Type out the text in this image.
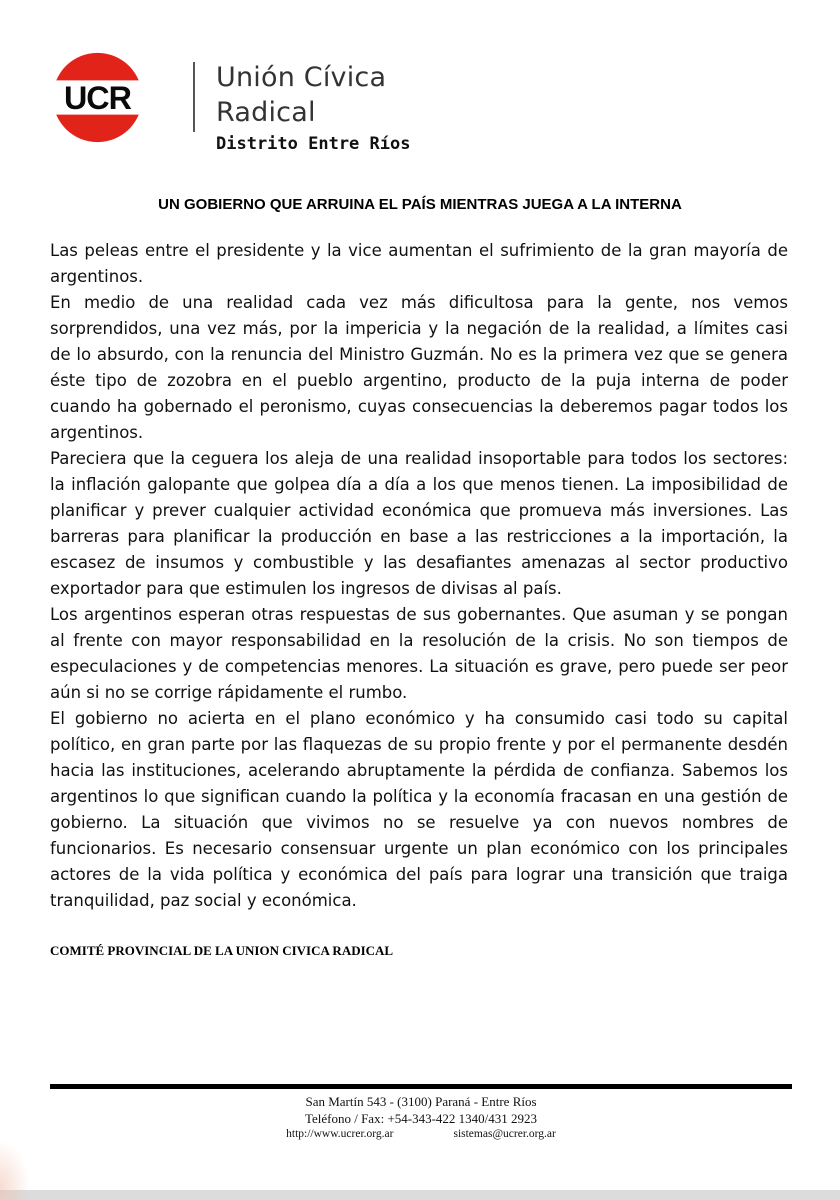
UCR
Unión Cívica
Radical
Distrito Entre Ríos
UN GOBIERNO QUE ARRUINA EL PAÍS MIENTRAS JUEGA A LA INTERNA

Las peleas entre el presidente y la vice aumentan el sufrimiento de la gran mayoría de argentinos.

En medio de una realidad cada vez más dificultosa para la gente, nos vemos sorprendidos, una vez más, por la impericia y la negación de la realidad, a límites casi de lo absurdo, con la renuncia del Ministro Guzmán. No es la primera vez que se genera éste tipo de zozobra en el pueblo argentino, producto de la puja interna de poder cuando ha gobernado el peronismo, cuyas consecuencias la deberemos pagar todos los argentinos.

Pareciera que la ceguera los aleja de una realidad insoportable para todos los sectores: la inflación galopante que golpea día a día a los que menos tienen. La imposibilidad de planificar y prever cualquier actividad económica que promueva más inversiones. Las barreras para planificar la producción en base a las restricciones a la importación, la escasez de insumos y combustible y las desafiantes amenazas al sector productivo exportador para que estimulen los ingresos de divisas al país.

Los argentinos esperan otras respuestas de sus gobernantes. Que asuman y se pongan al frente con mayor responsabilidad en la resolución de la crisis. No son tiempos de especulaciones y de competencias menores. La situación es grave, pero puede ser peor aún si no se corrige rápidamente el rumbo.

El gobierno no acierta en el plano económico y ha consumido casi todo su capital político, en gran parte por las flaquezas de su propio frente y por el permanente desdén hacia las instituciones, acelerando abruptamente la pérdida de confianza. Sabemos los argentinos lo que significan cuando la política y la economía fracasan en una gestión de gobierno. La situación que vivimos no se resuelve ya con nuevos nombres de funcionarios. Es necesario consensuar urgente un plan económico con los principales actores de la vida política y económica del país para lograr una transición que traiga tranquilidad, paz social y económica.

COMITÉ PROVINCIAL DE LA UNION CIVICA RADICAL
San Martín 543 - (3100) Paraná - Entre Ríos
Teléfono / Fax: +54-343-422 1340/431 2923
http://www.ucrer.org.ar	sistemas@ucrer.org.ar
